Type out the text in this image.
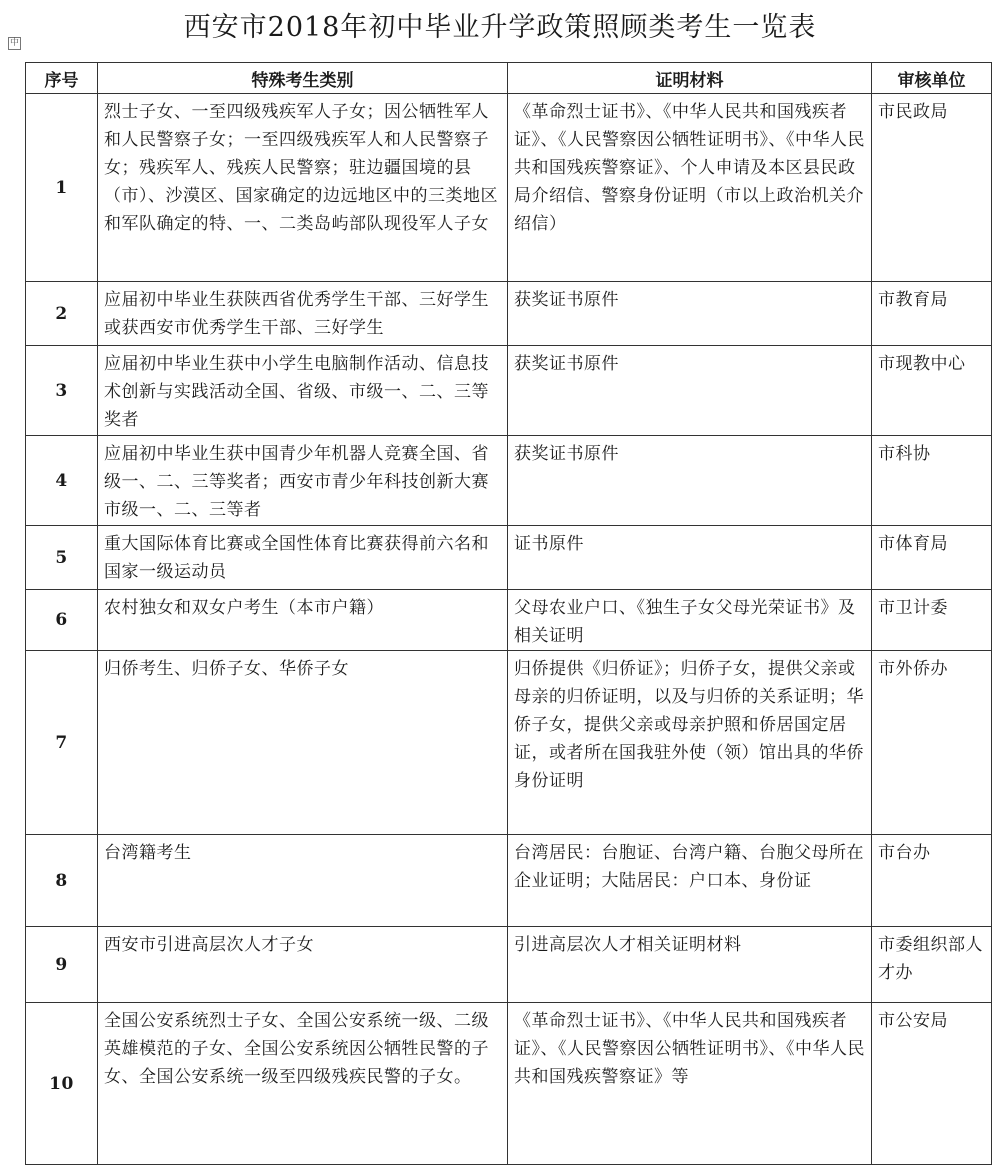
西安市2018年初中毕业升学政策照顾类考生一览表
中
序号	特殊考生类别	证明材料	审核单位
1	烈士子女、一至四级残疾军人子女；因公牺牲军人和人民警察子女；一至四级残疾军人和人民警察子女；残疾军人、残疾人民警察；驻边疆国境的县（市）、沙漠区、国家确定的边远地区中的三类地区和军队确定的特、一、二类岛屿部队现役军人子女	《革命烈士证书》、《中华人民共和国残疾者证》、《人民警察因公牺牲证明书》、《中华人民共和国残疾警察证》、个人申请及本区县民政局介绍信、警察身份证明（市以上政治机关介绍信）	市民政局
2	应届初中毕业生获陕西省优秀学生干部、三好学生或获西安市优秀学生干部、三好学生	获奖证书原件	市教育局
3	应届初中毕业生获中小学生电脑制作活动、信息技术创新与实践活动全国、省级、市级一、二、三等奖者	获奖证书原件	市现教中心
4	应届初中毕业生获中国青少年机器人竞赛全国、省级一、二、三等奖者；西安市青少年科技创新大赛市级一、二、三等者	获奖证书原件	市科协
5	重大国际体育比赛或全国性体育比赛获得前六名和国家一级运动员	证书原件	市体育局
6	农村独女和双女户考生（本市户籍）	父母农业户口、《独生子女父母光荣证书》及相关证明	市卫计委
7	归侨考生、归侨子女、华侨子女	归侨提供《归侨证》；归侨子女，提供父亲或母亲的归侨证明，以及与归侨的关系证明；华侨子女，提供父亲或母亲护照和侨居国定居证，或者所在国我驻外使（领）馆出具的华侨身份证明	市外侨办
8	台湾籍考生	台湾居民：台胞证、台湾户籍、台胞父母所在企业证明；大陆居民：户口本、身份证	市台办
9	西安市引进高层次人才子女	引进高层次人才相关证明材料	市委组织部人才办
10	全国公安系统烈士子女、全国公安系统一级、二级英雄模范的子女、全国公安系统因公牺牲民警的子女、全国公安系统一级至四级残疾民警的子女。	《革命烈士证书》、《中华人民共和国残疾者证》、《人民警察因公牺牲证明书》、《中华人民共和国残疾警察证》等	市公安局
